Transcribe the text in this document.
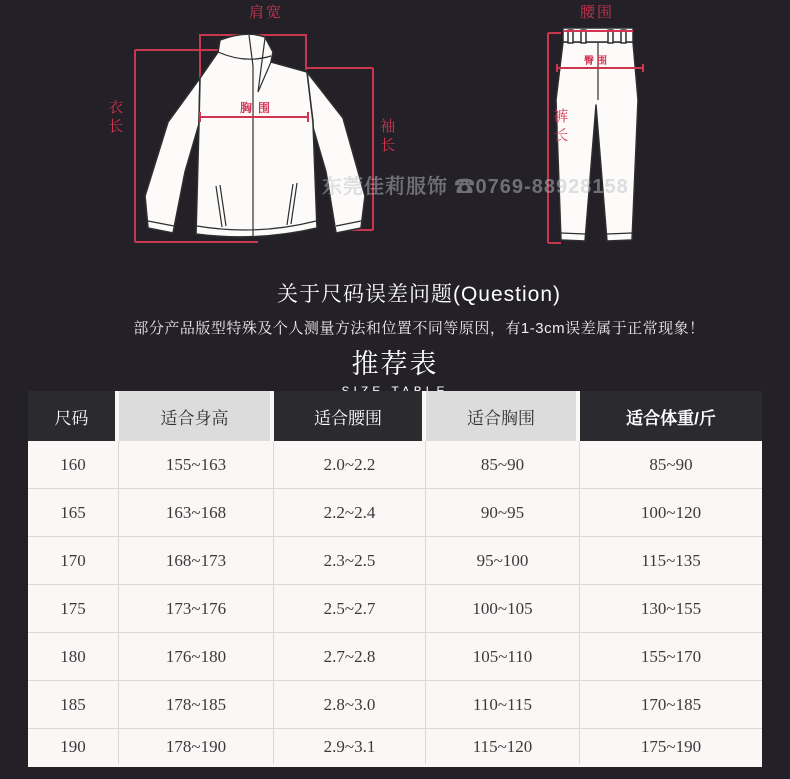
肩宽
衣长	胸围
袖长
腰围
裤长
臀围
东莞佳莉服饰 ☎0769-88928158
关于尺码误差问题(Question)
部分产品版型特殊及个人测量方法和位置不同等原因，有1-3cm误差属于正常现象！
推荐表
尺码	适合身高	适合腰围	适合胸围	适合体重/斤
160	155~163	2.0~2.2	85~90	85~90
165	163~168	2.2~2.4	90~95	100~120
170	168~173	2.3~2.5	95~100	115~135
175	173~176	2.5~2.7	100~105	130~155
180	176~180	2.7~2.8	105~110	155~170
185	178~185	2.8~3.0	110~115	170~185
190	178~190	2.9~3.1	115~120	175~190
